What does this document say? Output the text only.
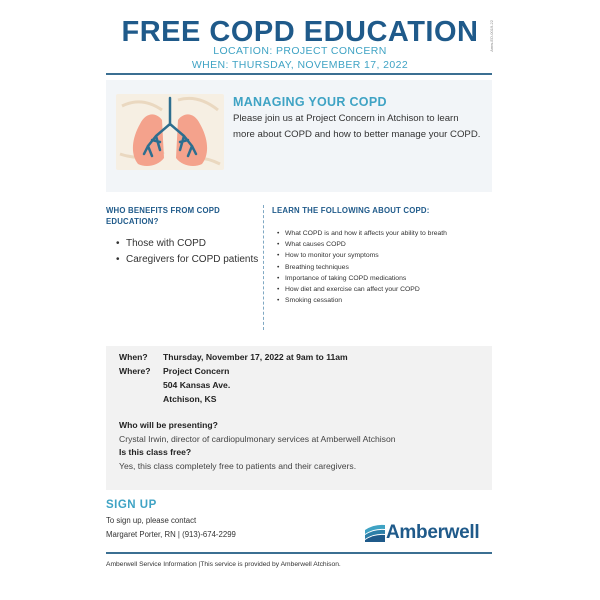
FREE COPD EDUCATION
LOCATION: PROJECT CONCERN
WHEN: THURSDAY, NOVEMBER 17, 2022
Amw-ED-0019-22
MANAGING YOUR COPD
Please join us at Project Concern in Atchison to learn more about COPD and how to better manage your COPD.
WHO BENEFITS FROM COPD EDUCATION?
• Those with COPD
• Caregivers for COPD patients
LEARN THE FOLLOWING ABOUT COPD:
• What COPD is and how it affects your ability to breath
• What causes COPD
• How to monitor your symptoms
• Breathing techniques
• Importance of taking COPD medications
• How diet and exercise can affect your COPD
• Smoking cessation
When? Thursday, November 17, 2022 at 9am to 11am
Where? Project Concern
504 Kansas Ave.
Atchison, KS
Who will be presenting?
Crystal Irwin, director of cardiopulmonary services at Amberwell Atchison
Is this class free?
Yes, this class completely free to patients and their caregivers.
SIGN UP
To sign up, please contact
Margaret Porter, RN | (913)-674-2299	Amberwell
Amberwell Service Information |This service is provided by Amberwell Atchison.
